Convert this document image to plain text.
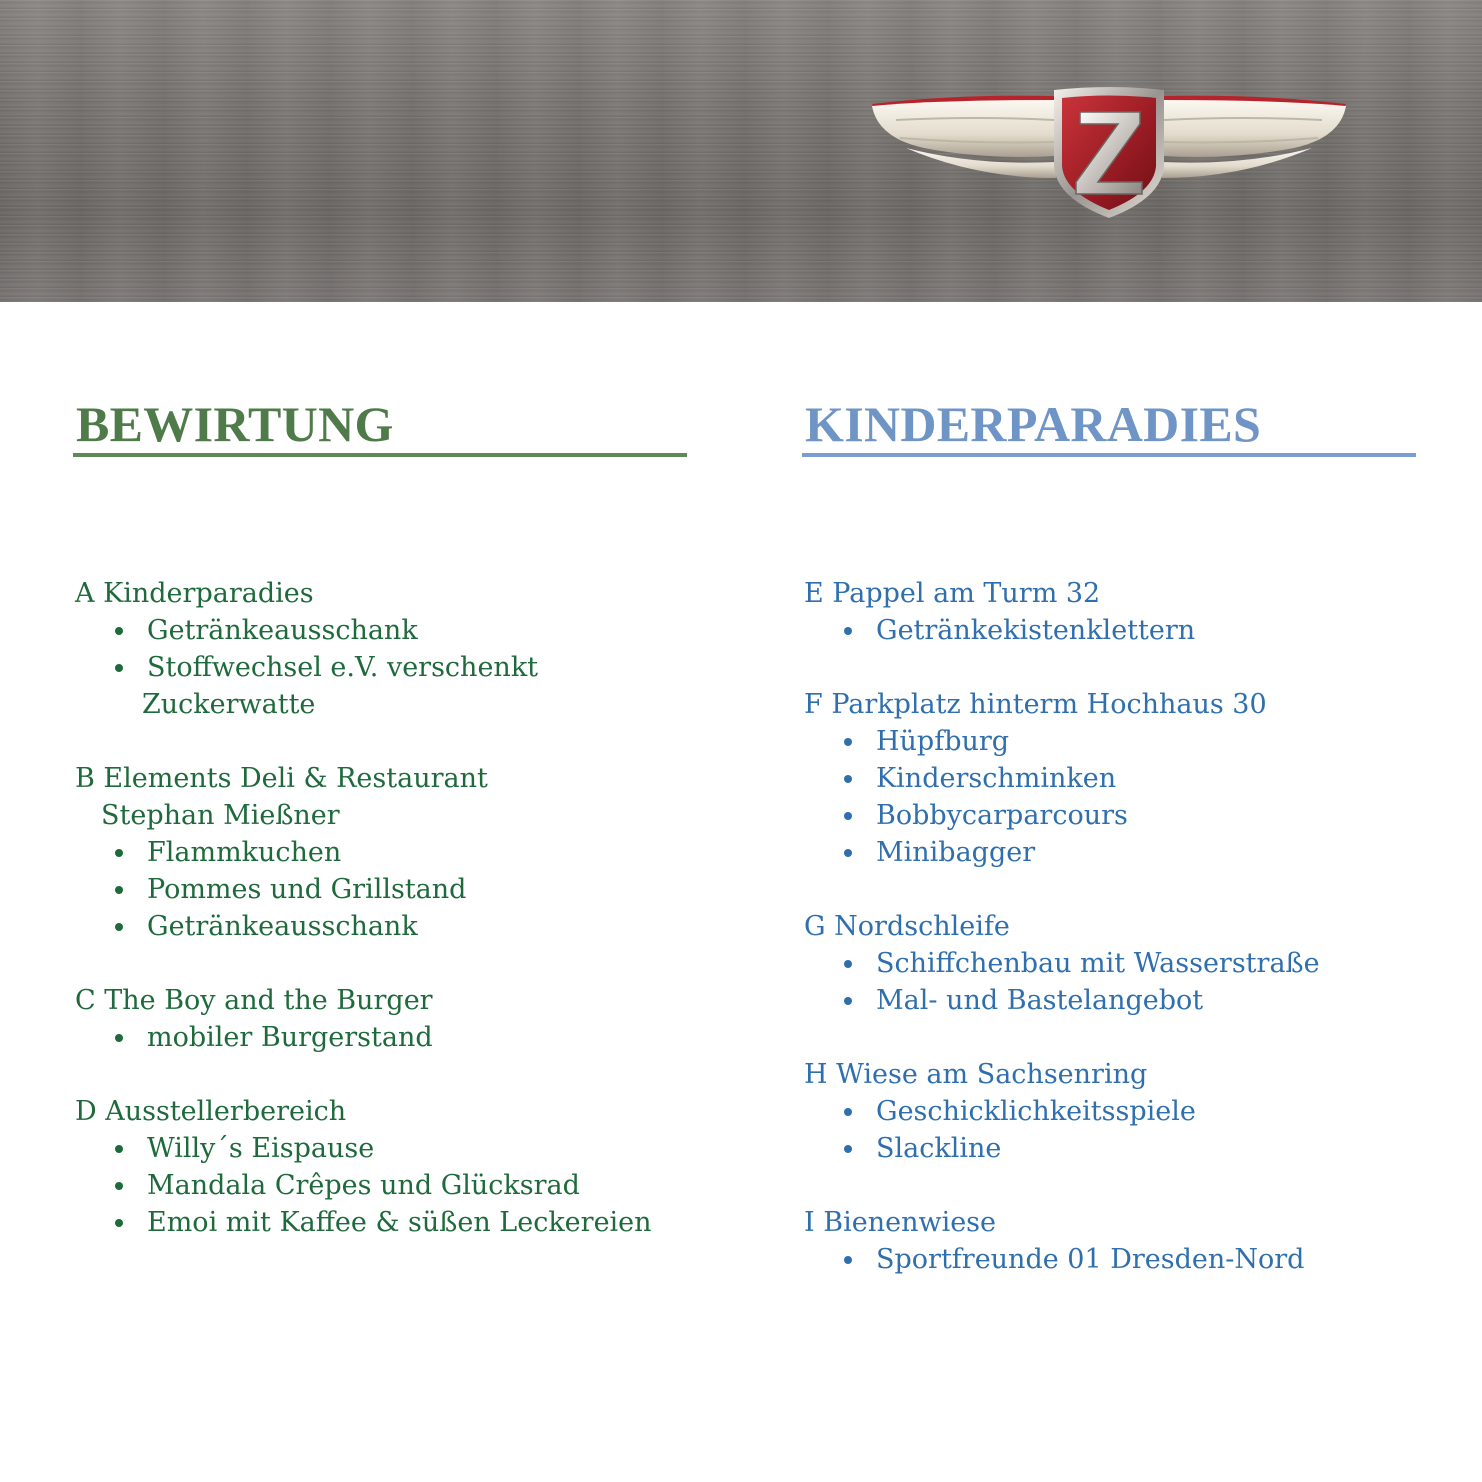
BEWIRTUNG
A Kinderparadies
Getränkeausschank
Stoffwechsel e.V. verschenkt
Zuckerwatte
B Elements Deli & Restaurant
Stephan Mießner
Flammkuchen
Pommes und Grillstand
Getränkeausschank
C The Boy and the Burger
mobiler Burgerstand
D Ausstellerbereich
Willy´s Eispause
Mandala Crêpes und Glücksrad
Emoi mit Kaffee & süßen Leckereien
KINDERPARADIES
E Pappel am Turm 32
Getränkekistenklettern
F Parkplatz hinterm Hochhaus 30
Hüpfburg
Kinderschminken
Bobbycarparcours
Minibagger
G Nordschleife
Schiffchenbau mit Wasserstraße
Mal- und Bastelangebot
H Wiese am Sachsenring
Geschicklichkeitsspiele
Slackline
I Bienenwiese
Sportfreunde 01 Dresden-Nord
